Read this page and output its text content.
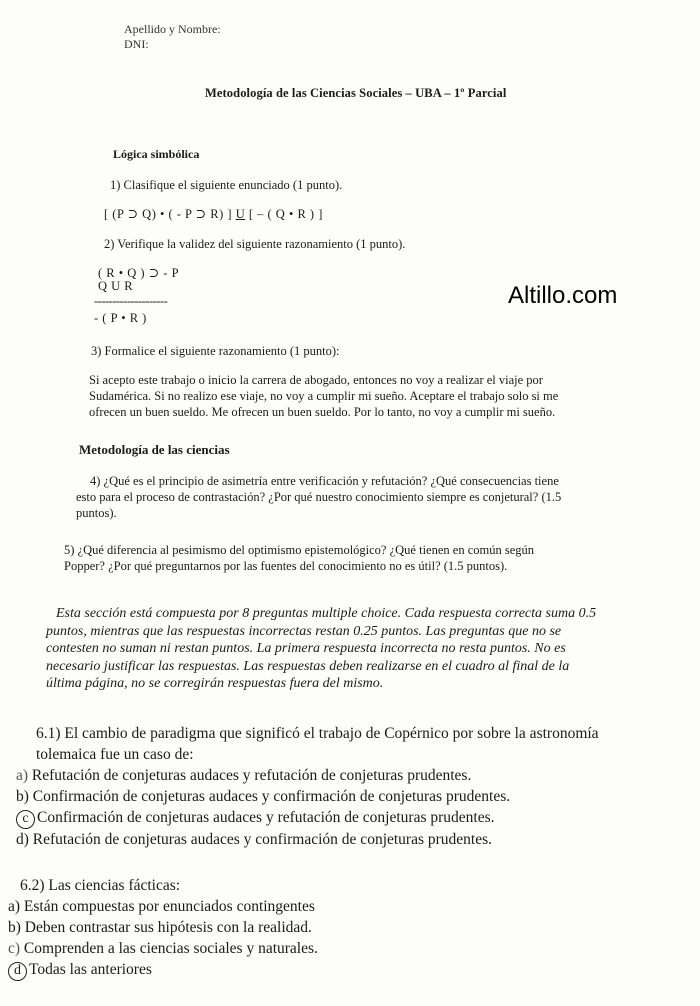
Apellido y Nombre:
DNI:
Metodología de las Ciencias Sociales – UBA – 1º Parcial
Altillo.com
Lógica simbólica
1) Clasifique el siguiente enunciado (1 punto).
[ (P ⊃ Q) • ( - P ⊃ R) ] U [ – ( Q • R ) ]
2) Verifique la validez del siguiente razonamiento (1 punto).
( R • Q ) ⊃ - P
Q U R
--------------------
- ( P • R )
3) Formalice el siguiente razonamiento (1 punto):
Si acepto este trabajo o inicio la carrera de abogado, entonces no voy a realizar el viaje por
Sudamérica. Si no realizo ese viaje, no voy a cumplir mi sueño. Aceptare el trabajo solo si me
ofrecen un buen sueldo. Me ofrecen un buen sueldo. Por lo tanto, no voy a cumplir mi sueño.
Metodología de las ciencias
4) ¿Qué es el principio de asimetría entre verificación y refutación? ¿Qué consecuencias tiene
esto para el proceso de contrastación? ¿Por qué nuestro conocimiento siempre es conjetural? (1.5
puntos).
5) ¿Qué diferencia al pesimismo del optimismo epistemológico? ¿Qué tienen en común según
Popper? ¿Por qué preguntarnos por las fuentes del conocimiento no es útil? (1.5 puntos).
Esta sección está compuesta por 8 preguntas multiple choice. Cada respuesta correcta suma 0.5
puntos, mientras que las respuestas incorrectas restan 0.25 puntos. Las preguntas que no se
contesten no suman ni restan puntos. La primera respuesta incorrecta no resta puntos. No es
necesario justificar las respuestas. Las respuestas deben realizarse en el cuadro al final de la
última página, no se corregirán respuestas fuera del mismo.
6.1) El cambio de paradigma que significó el trabajo de Copérnico por sobre la astronomía
tolemaica fue un caso de:
a) Refutación de conjeturas audaces y refutación de conjeturas prudentes.
b) Confirmación de conjeturas audaces y confirmación de conjeturas prudentes.
c Confirmación de conjeturas audaces y refutación de conjeturas prudentes.
d) Refutación de conjeturas audaces y confirmación de conjeturas prudentes.
6.2) Las ciencias fácticas:
a) Están compuestas por enunciados contingentes
b) Deben contrastar sus hipótesis con la realidad.
c) Comprenden a las ciencias sociales y naturales.
d Todas las anteriores
